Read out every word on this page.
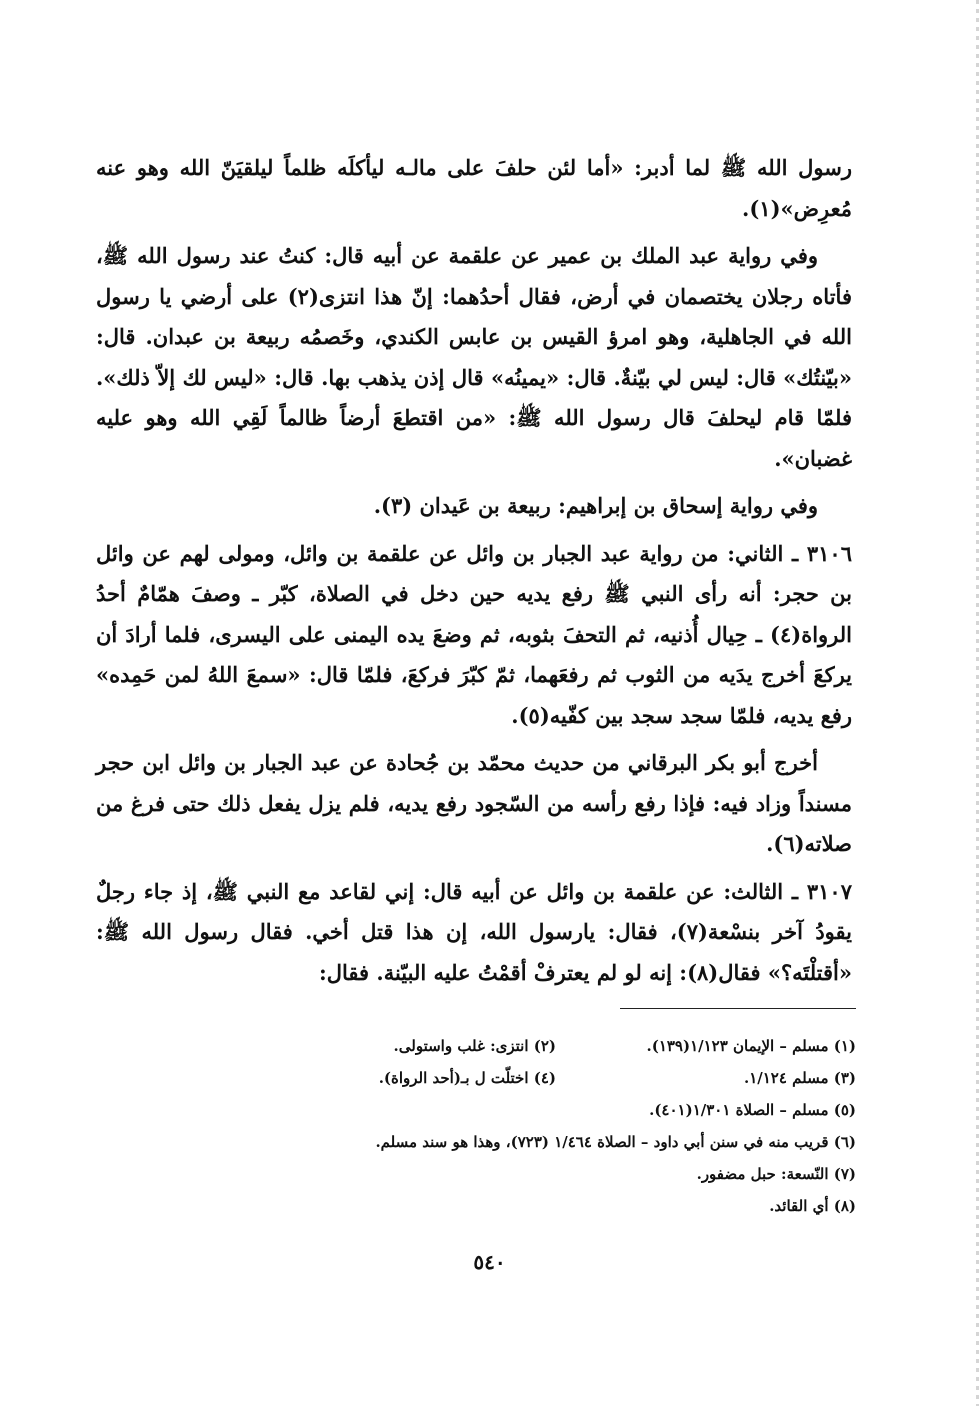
رسول الله ﷺ لما أدبر: «أما لئن حلفَ على مالـه ليأكلَه ظلماً ليلقيَنّ الله وهو عنه مُعرِض»(١).

وفي رواية عبد الملك بن عمير عن علقمة عن أبيه قال: كنتُ عند رسول الله ﷺ، فأتاه رجلان يختصمان في أرض، فقال أحدُهما: إنّ هذا انتزى(٢) على أرضي يا رسول الله في الجاهلية، وهو امرؤ القيس بن عابس الكندي، وخَصمُه ربيعة بن عبدان. قال: «بيّنتُك» قال: ليس لي بيّنةٌ. قال: «يمينُه» قال إذن يذهب بها. قال: «ليس لك إلاّ ذلك». فلمّا قام ليحلفَ قال رسول الله ﷺ: «من اقتطعَ أرضاً ظالماً لَقِي الله وهو عليه غضبان».

وفي رواية إسحاق بن إبراهيم: ربيعة بن عَيدان (٣).

٣١٠٦ ـ الثاني: من رواية عبد الجبار بن وائل عن علقمة بن وائل، ومولى لهم عن وائل بن حجر: أنه رأى النبي ﷺ رفع يديه حين دخل في الصلاة، كبّر ـ وصفَ همّامٌ أحدُ الرواة(٤) ـ حِيال أُذنيه، ثم التحفَ بثوبه، ثم وضعَ يده اليمنى على اليسرى، فلما أرادَ أن يركعَ أخرج يدَيه من الثوب ثم رفعَهما، ثمّ كبّرَ فركعَ، فلمّا قال: «سمعَ اللهُ لمن حَمِده» رفع يديه، فلمّا سجد سجد بين كفّيه(٥).

أخرج أبو بكر البرقاني من حديث محمّد بن جُحادة عن عبد الجبار بن وائل ابن حجر مسنداً وزاد فيه: فإذا رفع رأسه من السّجود رفع يديه، فلم يزل يفعل ذلك حتى فرغ من صلاته(٦).

٣١٠٧ ـ الثالث: عن علقمة بن وائل عن أبيه قال: إني لقاعد مع النبي ﷺ، إذ جاء رجلٌ يقودُ آخر بنسْعة(٧)، فقال: يارسول الله، إن هذا قتل أخي. فقال رسول الله ﷺ: «أقتلْتَه؟» فقال(٨): إنه لو لم يعترفْ أقمْتُ عليه البيّنة. فقال:

(١) مسلم – الإيمان ١/١٢٣(١٣٩).
(٢) انتزى: غلب واستولى.
(٣) مسلم ١/١٢٤.
(٤) اختلّت ل بـ(أحد الرواة).
(٥) مسلم – الصلاة ١/٣٠١(٤٠١).
(٦) قريب منه في سنن أبي داود – الصلاة ١/٤٦٤ (٧٢٣)، وهذا هو سند مسلم.
(٧) النّسعة: حبل مضفور.
(٨) أي القائد.
٥٤٠
